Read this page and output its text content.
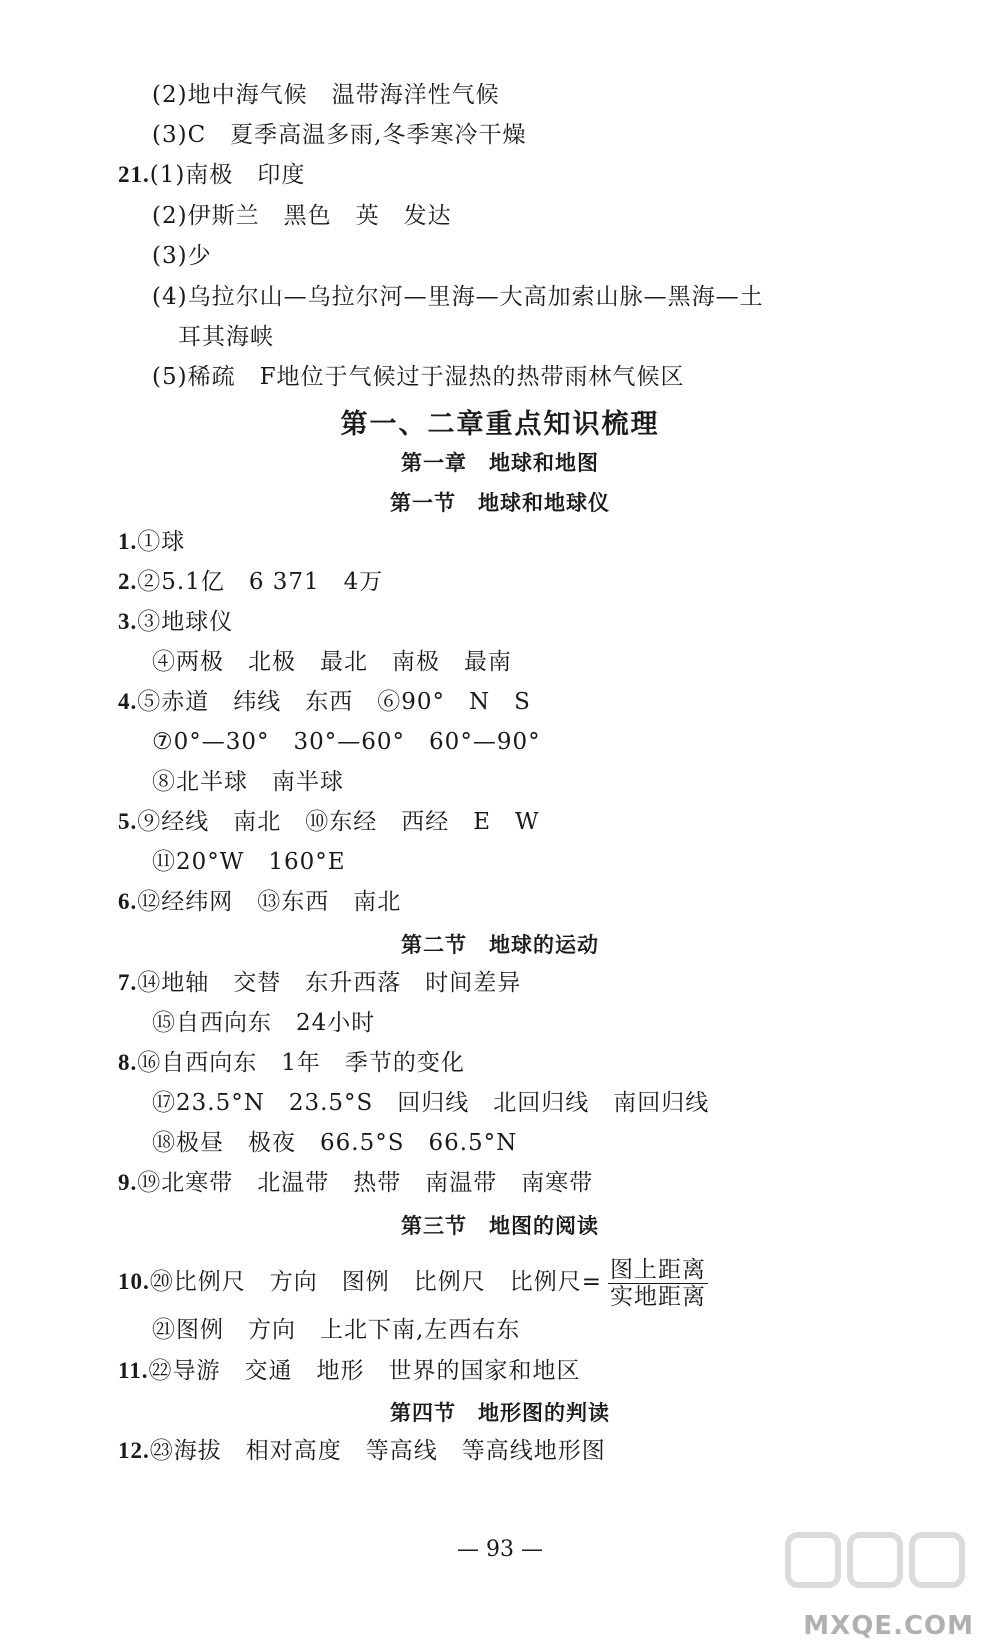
(2)地中海气候　温带海洋性气候
(3)C　夏季高温多雨,冬季寒冷干燥
21.(1)南极　印度
(2)伊斯兰　黑色　英　发达
(3)少
(4)乌拉尔山—乌拉尔河—里海—大高加索山脉—黑海—土
耳其海峡
(5)稀疏　F地位于气候过于湿热的热带雨林气候区
第一、二章重点知识梳理
第一章　地球和地图
第一节　地球和地球仪
1.①球
2.②5.1亿　6 371　4万
3.③地球仪
④两极　北极　最北　南极　最南
4.⑤赤道　纬线　东西　⑥90°　N　S
⑦0°—30°　30°—60°　60°—90°
⑧北半球　南半球
5.⑨经线　南北　⑩东经　西经　E　W
⑪20°W　160°E
6.⑫经纬网　⑬东西　南北
第二节　地球的运动
7.⑭地轴　交替　东升西落　时间差异
⑮自西向东　24小时
8.⑯自西向东　1年　季节的变化
⑰23.5°N　23.5°S　回归线　北回归线　南回归线
⑱极昼　极夜　66.5°S　66.5°N
9.⑲北寒带　北温带　热带　南温带　南寒带
第三节　地图的阅读
10.⑳比例尺　方向　图例　比例尺　比例尺= $\frac{\text{图上距离}}{\text{实地距离}}$
㉑图例　方向　上北下南,左西右东
11.㉒导游　交通　地形　世界的国家和地区
第四节　地形图的判读
12.㉓海拔　相对高度　等高线　等高线地形图
— 93 —
MXQE.COM
